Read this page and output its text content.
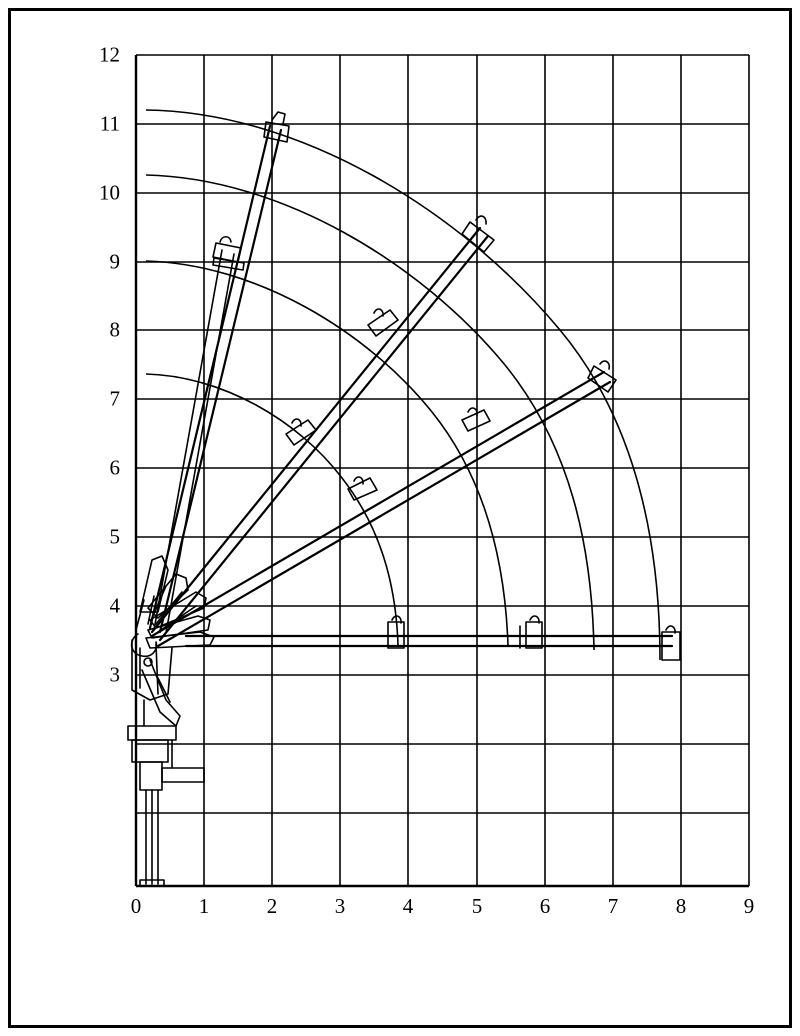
12
11
10
9
8
7
6
5
4
3
0	1	2	3	4	5	6	7	8	9
